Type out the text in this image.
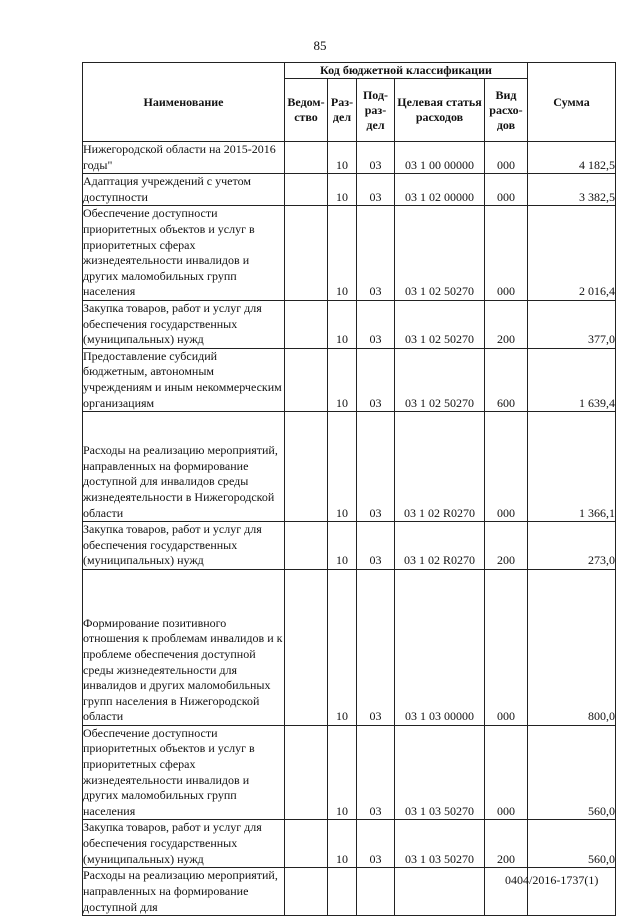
85
Наименование	Код бюджетной классификации					Сумма
	Ведом-ство	Раз-дел	Под-раз-дел	Целевая статья расходов	Вид расхо-дов	
Нижегородской области на 2015-2016 годы"		10	03	03 1 00 00000	000	4 182,5
Адаптация учреждений с учетом доступности		10	03	03 1 02 00000	000	3 382,5
Обеспечение доступности приоритетных объектов и услуг в приоритетных сферах жизнедеятельности инвалидов и других маломобильных групп населения		10	03	03 1 02 50270	000	2 016,4
Закупка товаров, работ и услуг для обеспечения государственных (муниципальных) нужд		10	03	03 1 02 50270	200	377,0
Предоставление субсидий бюджетным, автономным учреждениям и иным некоммерческим организациям		10	03	03 1 02 50270	600	1 639,4
Расходы на реализацию мероприятий, направленных на формирование доступной для инвалидов среды жизнедеятельности в Нижегородской области		10	03	03 1 02 R0270	000	1 366,1
Закупка товаров, работ и услуг для обеспечения государственных (муниципальных) нужд		10	03	03 1 02 R0270	200	273,0
Формирование позитивного отношения к проблемам инвалидов и к проблеме обеспечения доступной среды жизнедеятельности для инвалидов и других маломобильных групп населения в Нижегородской области		10	03	03 1 03 00000	000	800,0
Обеспечение доступности приоритетных объектов и услуг в приоритетных сферах жизнедеятельности инвалидов и других маломобильных групп населения		10	03	03 1 03 50270	000	560,0
Закупка товаров, работ и услуг для обеспечения государственных (муниципальных) нужд		10	03	03 1 03 50270	200	560,0
Расходы на реализацию мероприятий, направленных на формирование доступной для						
0404/2016-1737(1)
